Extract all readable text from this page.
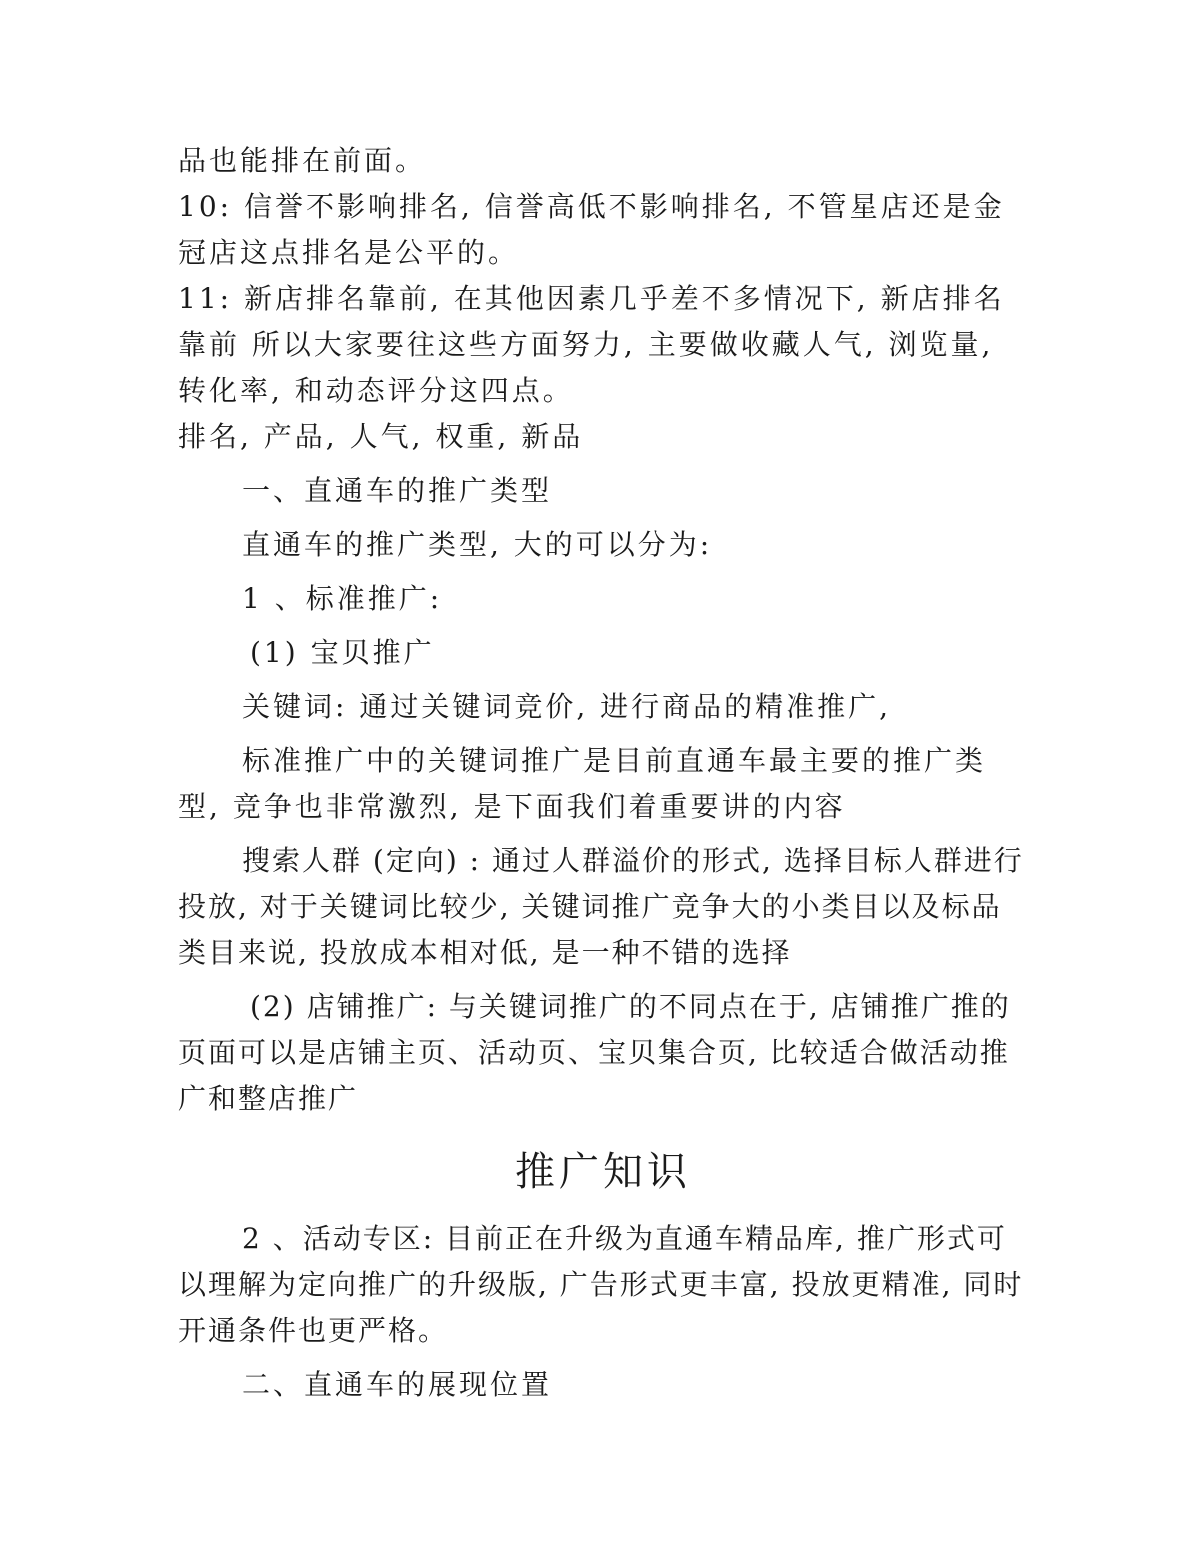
品也能排在前面。

10: 信誉不影响排名, 信誉高低不影响排名, 不管星店还是金冠店这点排名是公平的。

11: 新店排名靠前, 在其他因素几乎差不多情况下, 新店排名靠前 所以大家要往这些方面努力, 主要做收藏人气, 浏览量, 转化率, 和动态评分这四点。

排名, 产品, 人气, 权重, 新品

一、直通车的推广类型

直通车的推广类型, 大的可以分为:

1 、标准推广:

(1) 宝贝推广

关键词: 通过关键词竞价, 进行商品的精准推广,

标准推广中的关键词推广是目前直通车最主要的推广类型, 竞争也非常激烈, 是下面我们着重要讲的内容

搜索人群 (定向) : 通过人群溢价的形式, 选择目标人群进行投放, 对于关键词比较少, 关键词推广竞争大的小类目以及标品类目来说, 投放成本相对低, 是一种不错的选择

(2) 店铺推广: 与关键词推广的不同点在于, 店铺推广推的页面可以是店铺主页、活动页、宝贝集合页, 比较适合做活动推广和整店推广

推广知识

2 、活动专区: 目前正在升级为直通车精品库, 推广形式可以理解为定向推广的升级版, 广告形式更丰富, 投放更精准, 同时开通条件也更严格。

二、直通车的展现位置
